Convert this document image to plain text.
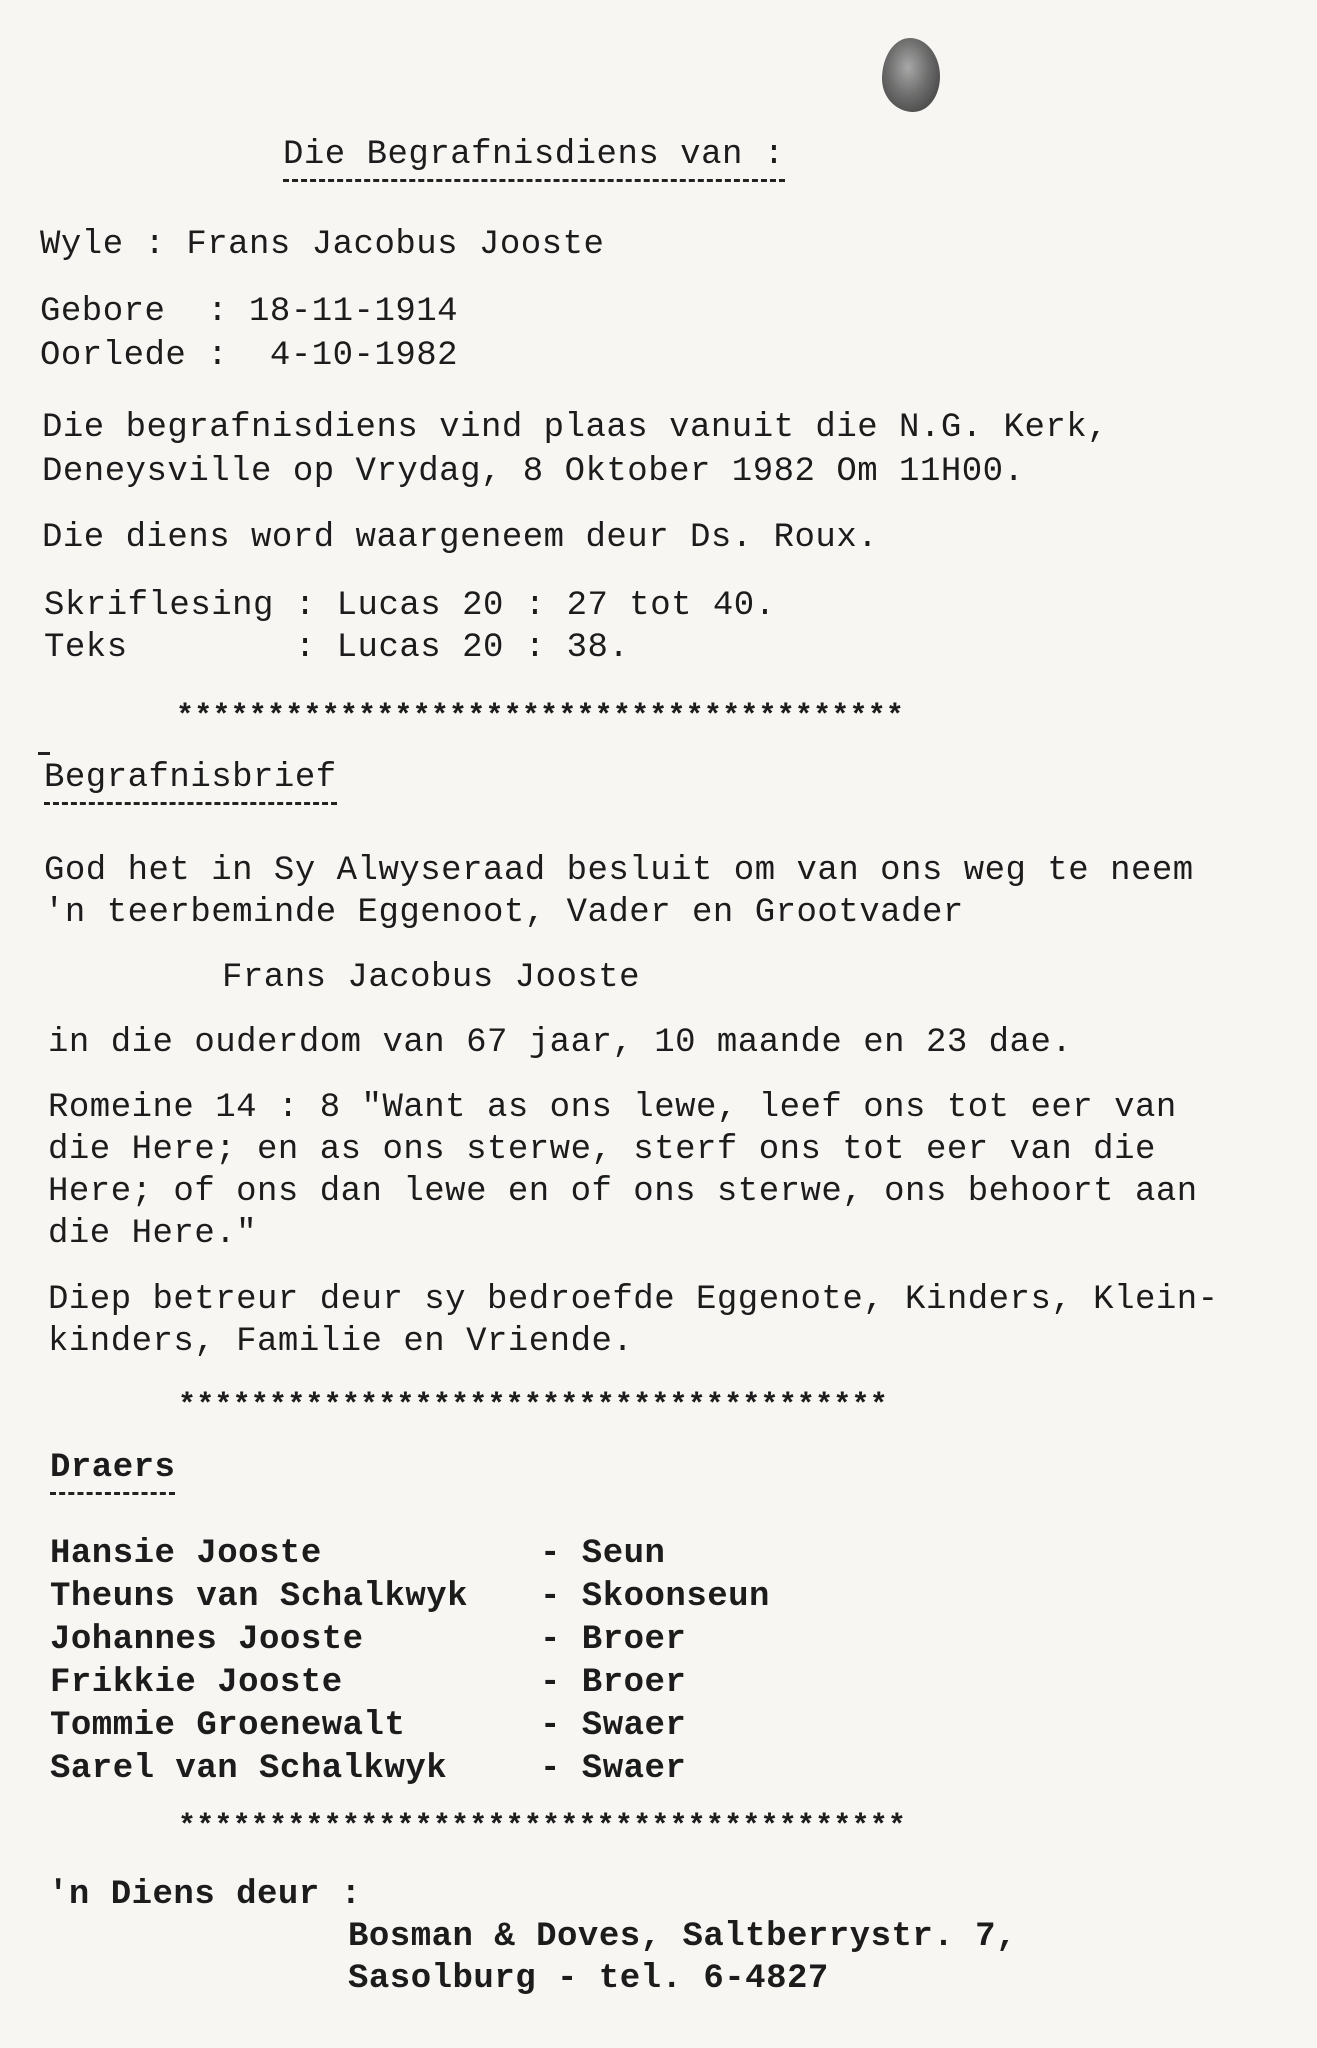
Die Begrafnisdiens van :
Wyle : Frans Jacobus Jooste
Gebore  : 18-11-1914
Oorlede :  4-10-1982
Die begrafnisdiens vind plaas vanuit die N.G. Kerk,
Deneysville op Vrydag, 8 Oktober 1982 Om 11H00.
Die diens word waargeneem deur Ds. Roux.
Skriflesing : Lucas 20 : 27 tot 40.
Teks        : Lucas 20 : 38.
****************************************
Begrafnisbrief
God het in Sy Alwyseraad besluit om van ons weg te neem
'n teerbeminde Eggenoot, Vader en Grootvader
Frans Jacobus Jooste
in die ouderdom van 67 jaar, 10 maande en 23 dae.
Romeine 14 : 8 "Want as ons lewe, leef ons tot eer van
die Here; en as ons sterwe, sterf ons tot eer van die
Here; of ons dan lewe en of ons sterwe, ons behoort aan
die Here."
Diep betreur deur sy bedroefde Eggenote, Kinders, Klein-
kinders, Familie en Vriende.
***************************************
Draers
Hansie Jooste	- Seun
Theuns van Schalkwyk - Skoonseun
Johannes Jooste	- Broer
Frikkie Jooste	- Broer
Tommie Groenewalt	- Swaer
Sarel van Schalkwyk	- Swaer
****************************************
'n Diens deur :
Bosman & Doves, Saltberrystr. 7,
Sasolburg - tel. 6-4827
